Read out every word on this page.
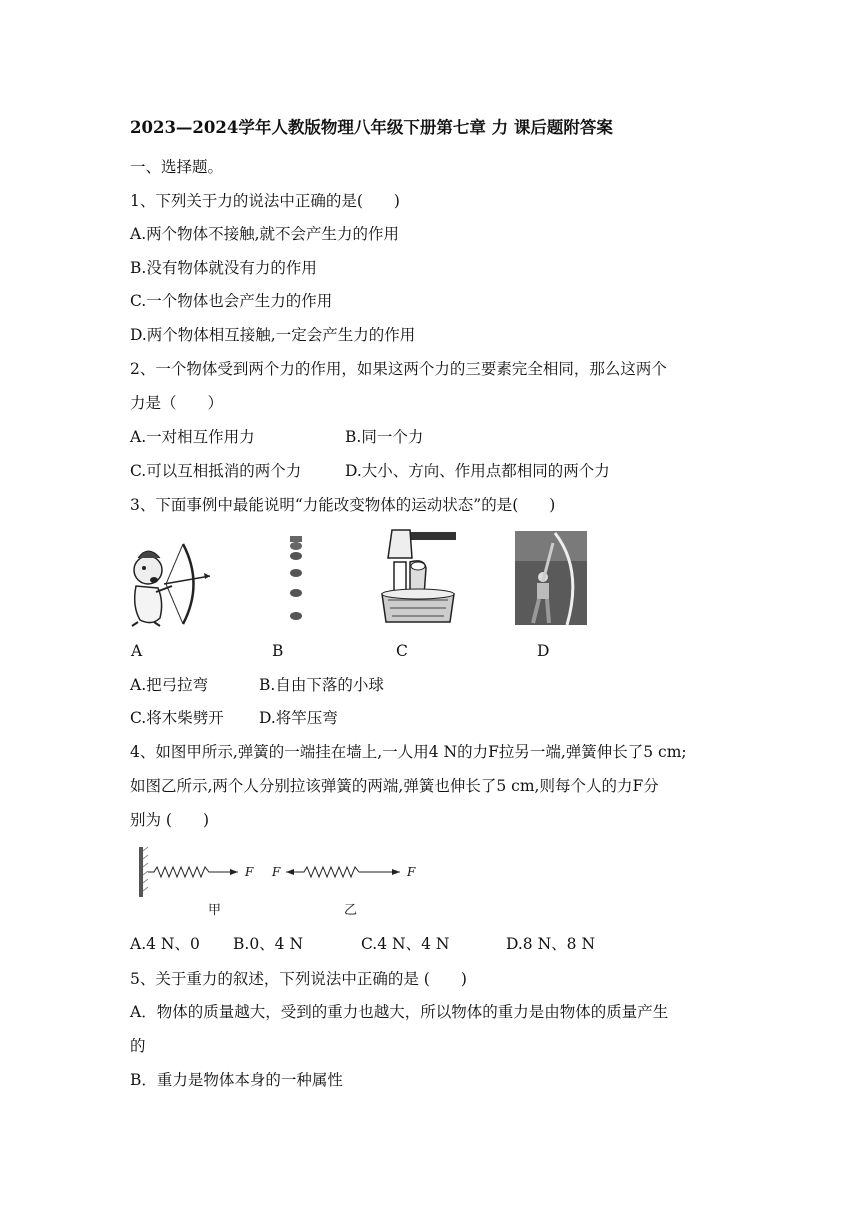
2023—2024学年人教版物理八年级下册第七章 力 课后题附答案
一、选择题。
1、下列关于力的说法中正确的是(　　)
A.两个物体不接触,就不会产生力的作用
B.没有物体就没有力的作用
C.一个物体也会产生力的作用
D.两个物体相互接触,一定会产生力的作用
2、一个物体受到两个力的作用，如果这两个力的三要素完全相同，那么这两个
力是（　　）
A.一对相互作用力	B.同一个力
C.可以互相抵消的两个力	D.大小、方向、作用点都相同的两个力
3、下面事例中最能说明“力能改变物体的运动状态”的是(　　)
A	B	C	D
A.把弓拉弯	B.自由下落的小球
C.将木柴劈开 D.将竿压弯
4、如图甲所示,弹簧的一端挂在墙上,一人用4 N的力F拉另一端,弹簧伸长了5 cm;
如图乙所示,两个人分别拉该弹簧的两端,弹簧也伸长了5 cm,则每个人的力F分
别为 (　　)
F F	F
甲	乙
A.4 N、0 B.0、4 N	C.4 N、4 N	D.8 N、8 N
5、关于重力的叙述，下列说法中正确的是 (　　)
A．物体的质量越大，受到的重力也越大，所以物体的重力是由物体的质量产生
的
B．重力是物体本身的一种属性
